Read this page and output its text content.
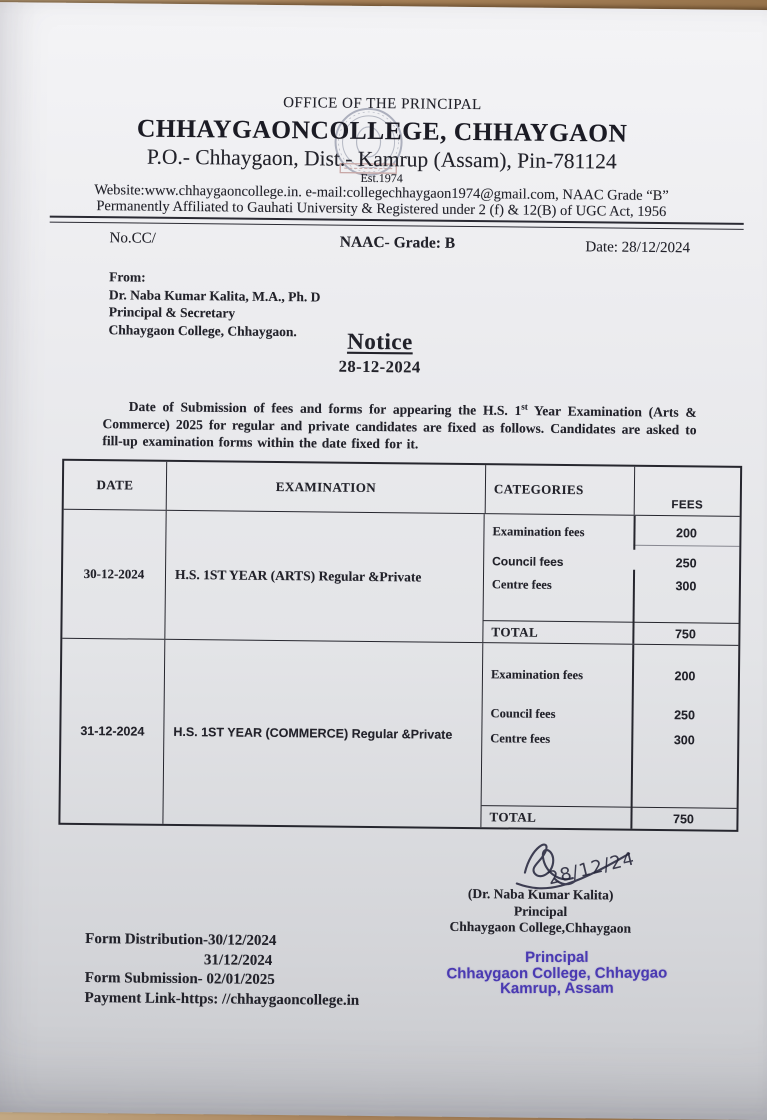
OFFICE OF THE PRINCIPAL
CHHAYGAONCOLLEGE, CHHAYGAON
P.O.- Chhaygaon, Dist.- Kamrup (Assam), Pin-781124
Est.1974
Website:www.chhaygaoncollege.in. e-mail:collegechhaygaon1974@gmail.com, NAAC Grade “B”
Permanently Affiliated to Gauhati University & Registered under 2 (f) & 12(B) of UGC Act, 1956
No.CC/	NAAC- Grade: B	Date: 28/12/2024
From:
Dr. Naba Kumar Kalita, M.A., Ph. D
Principal & Secretary
Chhaygaon College, Chhaygaon.	Notice
28-12-2024
Date of Submission of fees and forms for appearing the H.S. 1st Year Examination (Arts & Commerce) 2025 for regular and private candidates are fixed as follows. Candidates are asked to fill-up examination forms within the date fixed for it.
DATE	EXAMINATION	CATEGORIES
FEES
30-12-2024	H.S. 1ST YEAR (ARTS) Regular &Private
Examination fees	200
Council fees	250
Centre fees	300
TOTAL	750
31-12-2024	H.S. 1ST YEAR (COMMERCE) Regular &Private
Examination fees	200
Council fees	250
Centre fees	300
TOTAL	750
28/12/24
(Dr. Naba Kumar Kalita)
Principal
Chhaygaon College,Chhaygaon
Principal
Chhaygaon College, Chhaygao
Kamrup, Assam
Form Distribution-30/12/2024
31/12/2024
Form Submission- 02/01/2025
Payment Link-https: //chhaygaoncollege.in
